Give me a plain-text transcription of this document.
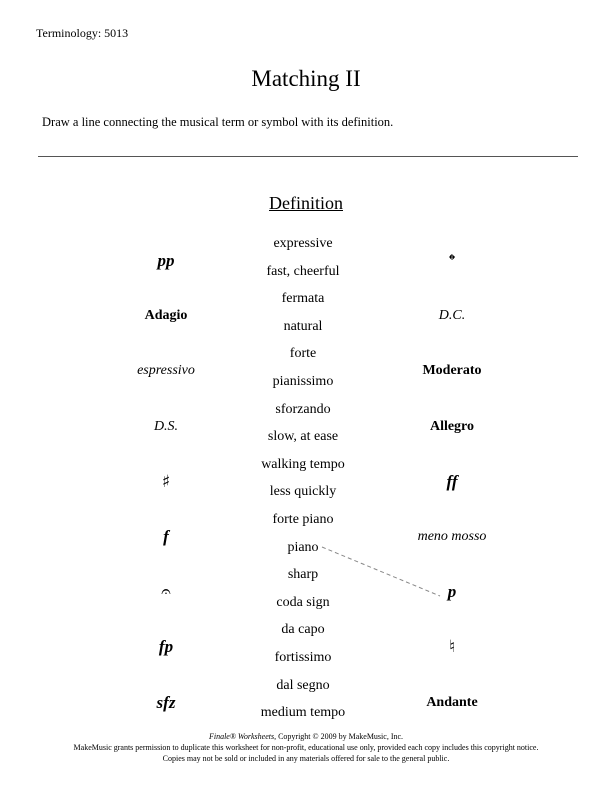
Terminology: 5013
Matching II
Draw a line connecting the musical term or symbol with its definition.
Definition
pp
Adagio
espressivo
D.S.
♯
f
𝄐
fp
sfz
expressive
fast, cheerful
fermata
natural
forte
pianissimo
sforzando
slow, at ease
walking tempo
less quickly
forte piano
piano
sharp
coda sign
da capo
fortissimo
dal segno
medium tempo
𝄌
D.C.
Moderato
Allegro
ff
meno mosso
p
♮
Andante
Finale® Worksheets, Copyright © 2009 by MakeMusic, Inc.
MakeMusic grants permission to duplicate this worksheet for non-profit, educational use only, provided each copy includes this copyright notice.
Copies may not be sold or included in any materials offered for sale to the general public.
